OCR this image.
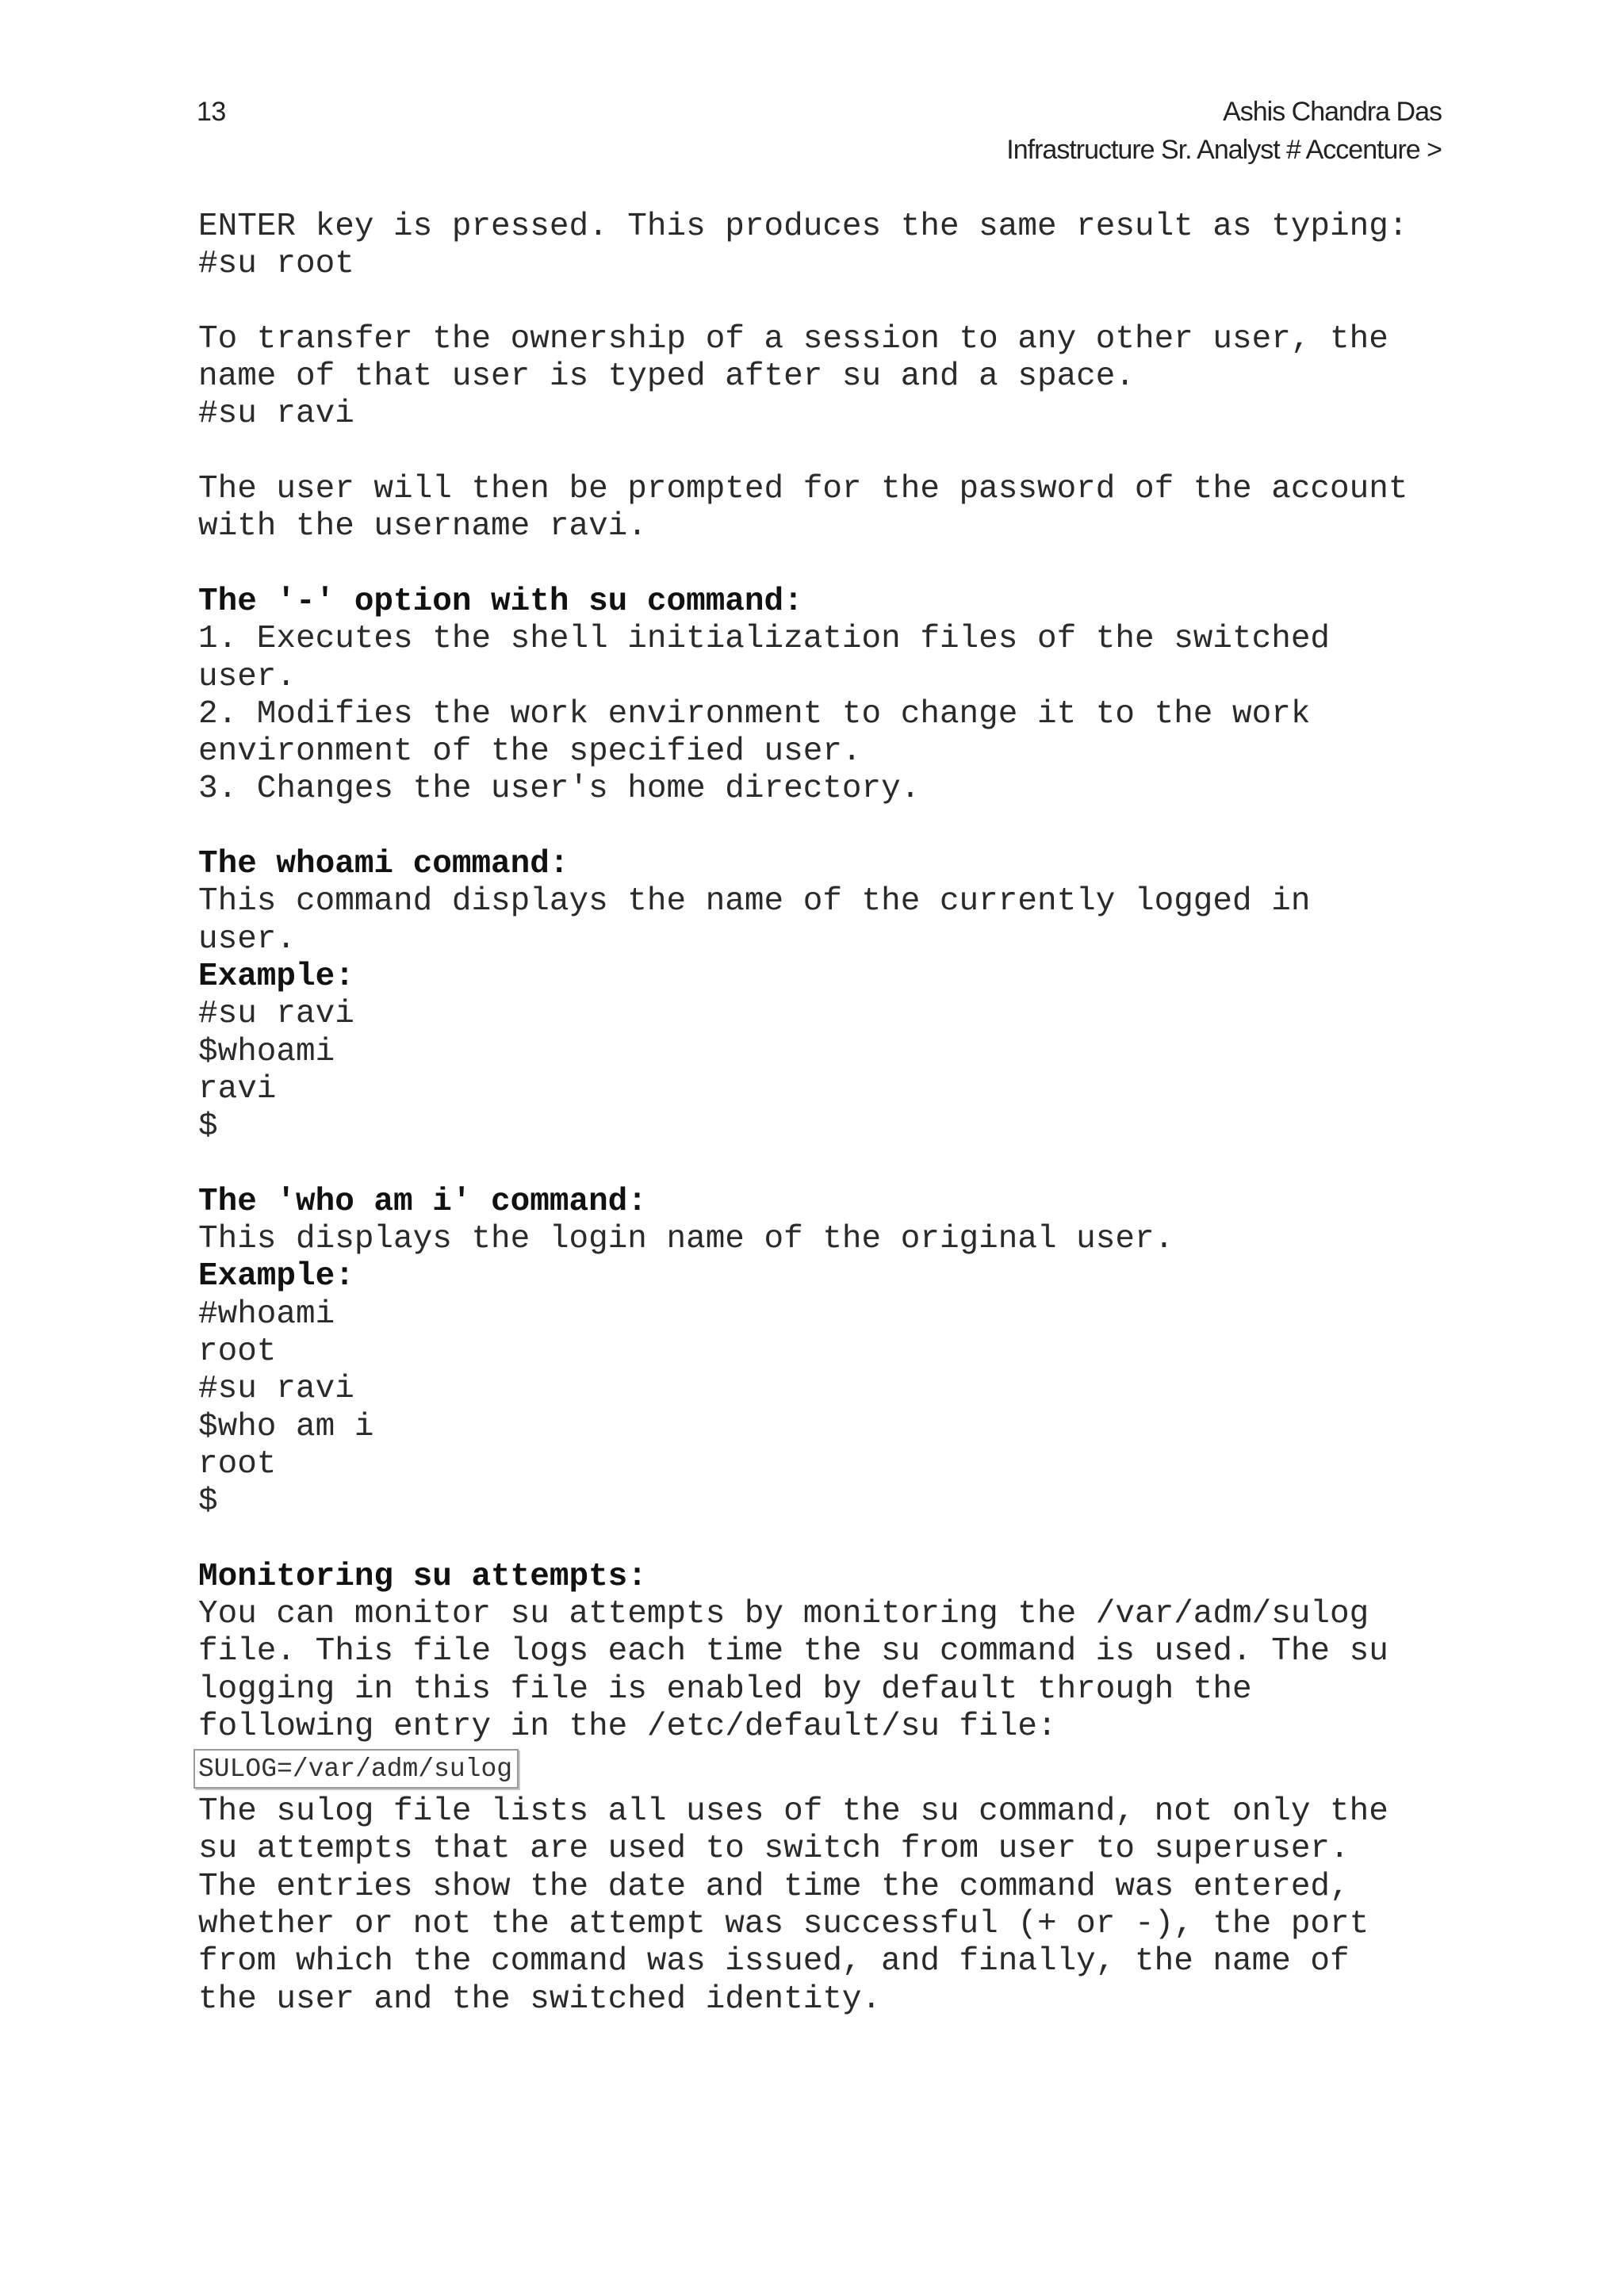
13	Ashis Chandra Das
Infrastructure Sr. Analyst # Accenture >
ENTER key is pressed. This produces the same result as typing:
#su root
To transfer the ownership of a session to any other user, the
name of that user is typed after su and a space.
#su ravi
The user will then be prompted for the password of the account
with the username ravi.
The '-' option with su command:
1. Executes the shell initialization files of the switched
user.
2. Modifies the work environment to change it to the work
environment of the specified user.
3. Changes the user's home directory.
The whoami command:
This command displays the name of the currently logged in
user.
Example:
#su ravi
$whoami
ravi
$
The 'who am i' command:
This displays the login name of the original user.
Example:
#whoami
root
#su ravi
$who am i
root
$
Monitoring su attempts:
You can monitor su attempts by monitoring the /var/adm/sulog
file. This file logs each time the su command is used. The su
logging in this file is enabled by default through the
following entry in the /etc/default/su file:
SULOG=/var/adm/sulog
The sulog file lists all uses of the su command, not only the
su attempts that are used to switch from user to superuser.
The entries show the date and time the command was entered,
whether or not the attempt was successful (+ or -), the port
from which the command was issued, and finally, the name of
the user and the switched identity.
